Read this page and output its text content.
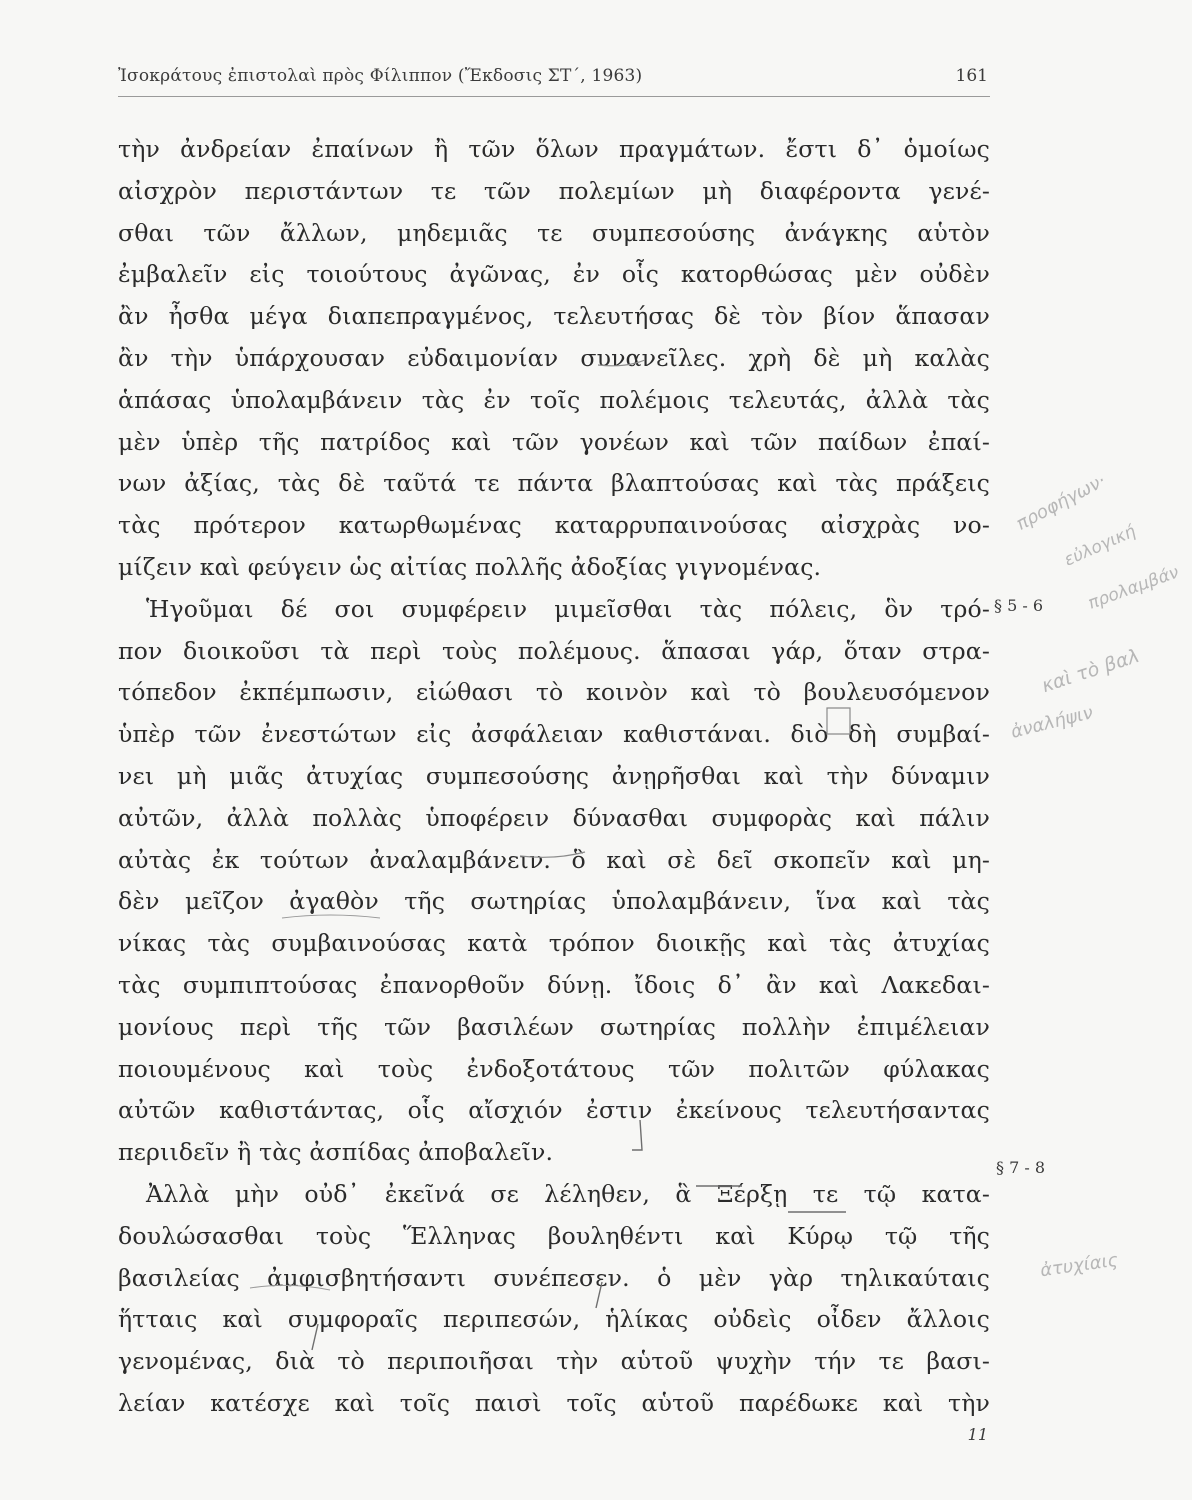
Ἰσοκράτους ἐπιστολαὶ πρὸς Φίλιππον (Ἔκδοσις ΣΤ΄, 1963)	161
τὴν ἀνδρείαν ἐπαίνων ἢ τῶν ὅλων πραγμάτων. ἔστι δ᾽ ὁμοίως
αἰσχρὸν περιστάντων τε τῶν πολεμίων μὴ διαφέροντα γενέ-
σθαι τῶν ἄλλων, μηδεμιᾶς τε συμπεσούσης ἀνάγκης αὑτὸν
ἐμβαλεῖν εἰς τοιούτους ἀγῶνας, ἐν οἷς κατορθώσας μὲν οὐδὲν
ἂν ἦσθα μέγα διαπεπραγμένος, τελευτήσας δὲ τὸν βίον ἅπασαν
ἂν τὴν ὑπάρχουσαν εὐδαιμονίαν συνανεῖλες. χρὴ δὲ μὴ καλὰς
ἁπάσας ὑπολαμβάνειν τὰς ἐν τοῖς πολέμοις τελευτάς, ἀλλὰ τὰς
μὲν ὑπὲρ τῆς πατρίδος καὶ τῶν γονέων καὶ τῶν παίδων ἐπαί-
νων ἀξίας, τὰς δὲ ταῦτά τε πάντα βλαπτούσας καὶ τὰς πράξεις
τὰς πρότερον κατωρθωμένας καταρρυπαινούσας αἰσχρὰς νο-
μίζειν καὶ φεύγειν ὡς αἰτίας πολλῆς ἀδοξίας γιγνομένας.
Ἡγοῦμαι δέ σοι συμφέρειν μιμεῖσθαι τὰς πόλεις, ὃν τρό-
πον διοικοῦσι τὰ περὶ τοὺς πολέμους. ἅπασαι γάρ, ὅταν στρα-
τόπεδον ἐκπέμπωσιν, εἰώθασι τὸ κοινὸν καὶ τὸ βουλευσόμενον
ὑπὲρ τῶν ἐνεστώτων εἰς ἀσφάλειαν καθιστάναι. διὸ δὴ συμβαί-
νει μὴ μιᾶς ἀτυχίας συμπεσούσης ἀνῃρῆσθαι καὶ τὴν δύναμιν
αὐτῶν, ἀλλὰ πολλὰς ὑποφέρειν δύνασθαι συμφορὰς καὶ πάλιν
αὐτὰς ἐκ τούτων ἀναλαμβάνειν. ὃ καὶ σὲ δεῖ σκοπεῖν καὶ μη-
δὲν μεῖζον ἀγαθὸν τῆς σωτηρίας ὑπολαμβάνειν, ἵνα καὶ τὰς
νίκας τὰς συμβαινούσας κατὰ τρόπον διοικῇς καὶ τὰς ἀτυχίας
τὰς συμπιπτούσας ἐπανορθοῦν δύνῃ. ἴδοις δ᾽ ἂν καὶ Λακεδαι-
μονίους περὶ τῆς τῶν βασιλέων σωτηρίας πολλὴν ἐπιμέλειαν
ποιουμένους καὶ τοὺς ἐνδοξοτάτους τῶν πολιτῶν φύλακας
αὐτῶν καθιστάντας, οἷς αἴσχιόν ἐστιν ἐκείνους τελευτήσαντας
περιιδεῖν ἢ τὰς ἀσπίδας ἀποβαλεῖν.
Ἀλλὰ μὴν οὐδ᾽ ἐκεῖνά σε λέληθεν, ἃ Ξέρξῃ τε τῷ κατα-
δουλώσασθαι τοὺς Ἕλληνας βουληθέντι καὶ Κύρῳ τῷ τῆς
βασιλείας ἀμφισβητήσαντι συνέπεσεν. ὁ μὲν γὰρ τηλικαύταις
ἥτταις καὶ συμφοραῖς περιπεσών, ἡλίκας οὐδεὶς οἶδεν ἄλλοις
γενομένας, διὰ τὸ περιποιῆσαι τὴν αὑτοῦ ψυχὴν τήν τε βασι-
λείαν κατέσχε καὶ τοῖς παισὶ τοῖς αὑτοῦ παρέδωκε καὶ τὴν
§ 5 - 6
§ 7 - 8
11
προφήγων·
εὐλογική
προλαμβάν
καὶ τὸ βαλ
ἀναλήψιν
ἀτυχίαις
